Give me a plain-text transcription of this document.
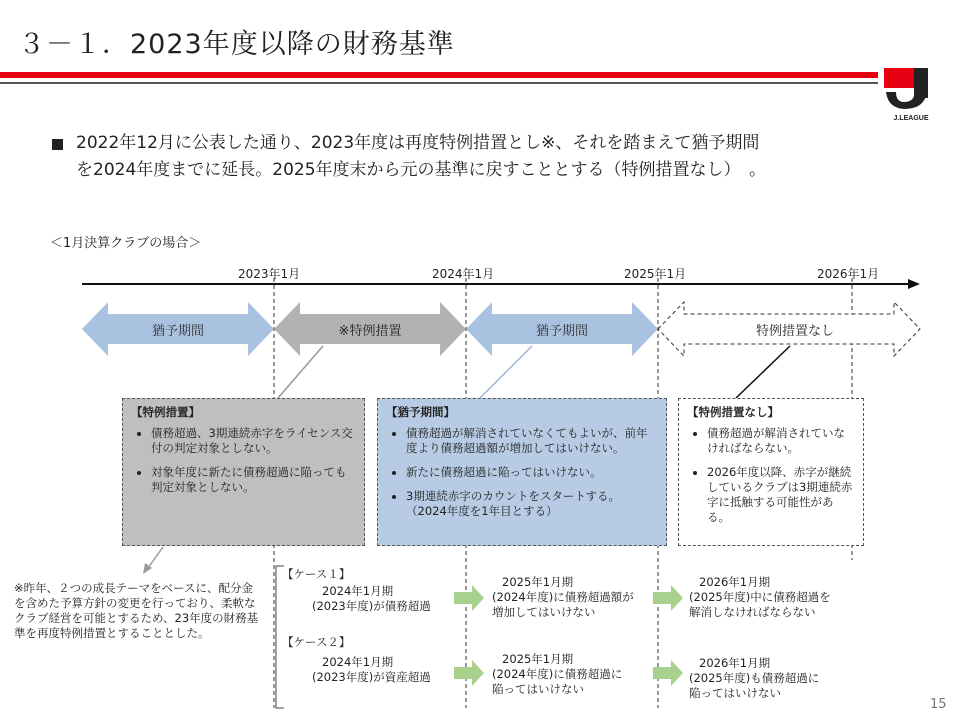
３－１．2023年度以降の財務基準
J.LEAGUE
2022年12月に公表した通り、2023年度は再度特例措置とし※、それを踏まえて猶予期間
を2024年度までに延長。2025年度末から元の基準に戻すこととする（特例措置なし）　。
＜1月決算クラブの場合＞
2023年1月	2024年1月	2025年1月	2026年1月
猶予期間	※特例措置	猶予期間	特例措置なし
【特例措置】
• 債務超過、3期連続赤字をライセンス交付の判定対象としない。
• 対象年度に新たに債務超過に陥っても判定対象としない。
【猶予期間】
• 債務超過が解消されていなくてもよいが、前年度より債務超過額が増加してはいけない。
• 新たに債務超過に陥ってはいけない。
• 3期連続赤字のカウントをスタートする。
（2024年度を1年目とする）
【特例措置なし】
• 債務超過が解消されていなければならない。
• 2026年度以降、赤字が継続しているクラブは3期連続赤字に抵触する可能性がある。
※昨年、２つの成長テーマをベースに、配分金を含めた予算方針の変更を行っており、柔軟なクラブ経営を可能とするため、23年度の財務基準を再度特例措置とすることとした。
【ケース１】
2024年1月期
(2023年度)が債務超過
2025年1月期
(2024年度)に債務超過額が
増加してはいけない
2026年1月期
(2025年度)中に債務超過を
解消しなければならない
【ケース２】
2024年1月期
(2023年度)が資産超過
2025年1月期
(2024年度)に債務超過に
陥ってはいけない
2026年1月期
(2025年度)も債務超過に
陥ってはいけない
15
